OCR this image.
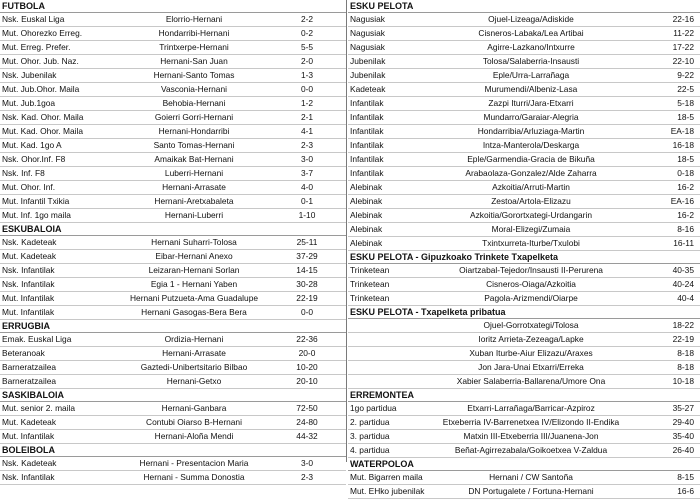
FUTBOLA
Nsk. Euskal Liga	Elorrio-Hernani	2-2
Mut. Ohorezko Erreg.	Hondarribi-Hernani	0-2
Mut. Erreg. Prefer.	Trintxerpe-Hernani	5-5
Mut. Ohor. Jub. Naz.	Hernani-San Juan	2-0
Nsk. Jubenilak	Hernani-Santo Tomas	1-3
Mut. Jub.Ohor. Maila	Vasconia-Hernani	0-0
Mut. Jub.1goa	Behobia-Hernani	1-2
Nsk. Kad. Ohor. Maila	Goierri Gorri-Hernani	2-1
Mut. Kad. Ohor. Maila	Hernani-Hondarribi	4-1
Mut. Kad. 1go A	Santo Tomas-Hernani	2-3
Nsk. Ohor.Inf. F8	Amaikak Bat-Hernani	3-0
Nsk. Inf. F8	Luberri-Hernani	3-7
Mut. Ohor. Inf.	Hernani-Arrasate	4-0
Mut. Infantil Txikia	Hernani-Aretxabaleta	0-1
Mut. Inf. 1go maila	Hernani-Luberri	1-10
ESKUBALOIA
Nsk. Kadeteak	Hernani Suharri-Tolosa	25-11
Mut. Kadeteak	Eibar-Hernani Anexo	37-29
Nsk. Infantilak	Leizaran-Hernani Sorlan	14-15
Nsk. Infantilak	Egia 1 - Hernani Yaben	30-28
Mut. Infantilak	Hernani Putzueta-Ama Guadalupe	22-19
Mut. Infantilak	Hernani Gasogas-Bera Bera	0-0
ERRUGBIA
Emak. Euskal Liga	Ordizia-Hernani	22-36
Beteranoak	Hernani-Arrasate	20-0
Barneratzailea	Gaztedi-Unibertsitario Bilbao	10-20
Barneratzailea	Hernani-Getxo	20-10
SASKIBALOIA
Mut. senior 2. maila	Hernani-Ganbara	72-50
Mut. Kadeteak	Contubi Oiarso B-Hernani	24-80
Mut. Infantilak	Hernani-Aloña Mendi	44-32
BOLEIBOLA
Nsk. Kadeteak	Hernani - Presentacion Maria	3-0
Nsk. Infantilak	Hernani - Summa Donostia	2-3
ESKU PELOTA
Nagusiak	Ojuel-Lizeaga/Adiskide	22-16
Nagusiak	Cisneros-Labaka/Lea Artibai	11-22
Nagusiak	Agirre-Lazkano/Intxurre	17-22
Jubenilak	Tolosa/Salaberria-Insausti	22-10
Jubenilak	Eple/Urra-Larrañaga	9-22
Kadeteak	Murumendi/Albeniz-Lasa	22-5
Infantilak	Zazpi Iturri/Jara-Etxarri	5-18
Infantilak	Mundarro/Garaiar-Alegria	18-5
Infantilak	Hondarribia/Arluziaga-Martin	EA-18
Infantilak	Intza-Manterola/Deskarga	16-18
Infantilak	Eple/Garmendia-Gracia de Bikuña	18-5
Infantilak	Arabaolaza-Gonzalez/Alde Zaharra	0-18
Alebinak	Azkoitia/Arruti-Martin	16-2
Alebinak	Zestoa/Artola-Elizazu	EA-16
Alebinak	Azkoitia/Gorortxategi-Urdangarin	16-2
Alebinak	Moral-Elizegi/Zumaia	8-16
Alebinak	Txintxurreta-Iturbe/Txulobi	16-11
ESKU PELOTA - Gipuzkoako Trinkete Txapelketa
Trinketean	Oiartzabal-Tejedor/Insausti II-Perurena	40-35
Trinketean	Cisneros-Oiaga/Azkoitia	40-24
Trinketean	Pagola-Arizmendi/Oiarpe	40-4
ESKU PELOTA - Txapelketa pribatua
Ojuel-Gorrotxategi/Tolosa	18-22
Ioritz Arrieta-Zezeaga/Lapke	22-19
Xuban Iturbe-Aiur Elizazu/Araxes	8-18
Jon Jara-Unai Etxarri/Erreka	8-18
Xabier Salaberria-Ballarena/Umore Ona	10-18
ERREMONTEA
1go partidua	Etxarri-Larrañaga/Barricar-Azpiroz	35-27
2. partidua	Etxeberria IV-Barrenetxea IV/Elizondo II-Endika	29-40
3. partidua	Matxin III-Etxeberria III/Juanena-Jon	35-40
4. partidua	Beñat-Agirrezabala/Goikoetxea V-Zaldua	26-40
WATERPOLOA
Mut. Bigarren maila	Hernani / CW Santoña	8-15
Mut. EHko jubenilak	DN Portugalete / Fortuna-Hernani	16-6
